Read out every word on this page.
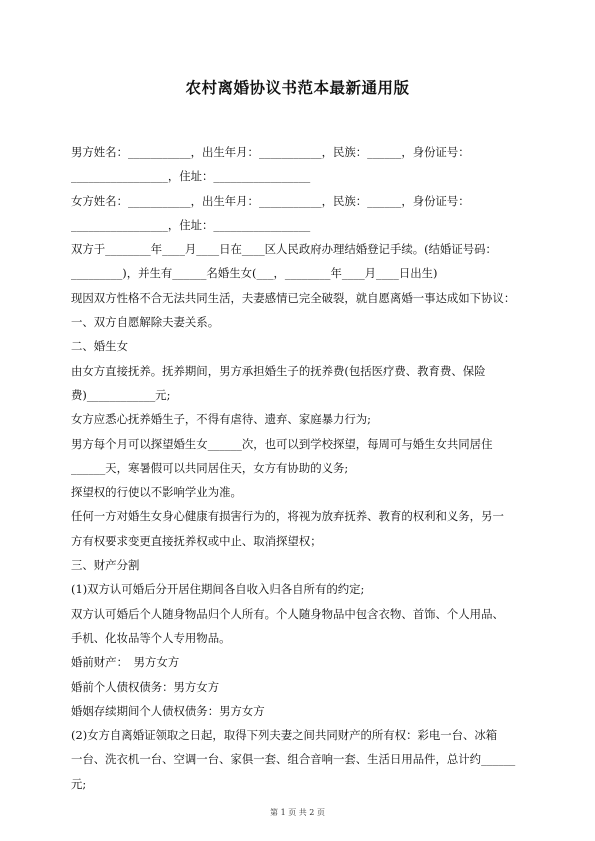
农村离婚协议书范本最新通用版

男方姓名：___________，出生年月：___________，民族：______，身份证号：

_________________，住址：_________________

女方姓名：___________，出生年月：___________，民族：______，身份证号：

_________________，住址：_________________

双方于________年____月____日在____区人民政府办理结婚登记手续。(结婚证号码：

_________)，并生有______名婚生女(___，________年____月____日出生)

现因双方性格不合无法共同生活，夫妻感情已完全破裂，就自愿离婚一事达成如下协议：

一、双方自愿解除夫妻关系。

二、婚生女

由女方直接抚养。抚养期间，男方承担婚生子的抚养费(包括医疗费、教育费、保险

费)____________元;

女方应悉心抚养婚生子，不得有虐待、遗弃、家庭暴力行为;

男方每个月可以探望婚生女______次，也可以到学校探望，每周可与婚生女共同居住

______天，寒暑假可以共同居住天，女方有协助的义务;

探望权的行使以不影响学业为准。

任何一方对婚生女身心健康有损害行为的，将视为放弃抚养、教育的权利和义务，另一

方有权要求变更直接抚养权或中止、取消探望权；

三、财产分割

(1)双方认可婚后分开居住期间各自收入归各自所有的约定;

双方认可婚后个人随身物品归个人所有。个人随身物品中包含衣物、首饰、个人用品、

手机、化妆品等个人专用物品。

婚前财产：　男方女方

婚前个人债权债务：男方女方

婚姻存续期间个人债权债务：男方女方

(2)女方自离婚证领取之日起，取得下列夫妻之间共同财产的所有权：彩电一台、冰箱

一台、洗衣机一台、空调一台、家俱一套、组合音响一套、生活日用品件，总计约______

元;

第 1 页 共 2 页
